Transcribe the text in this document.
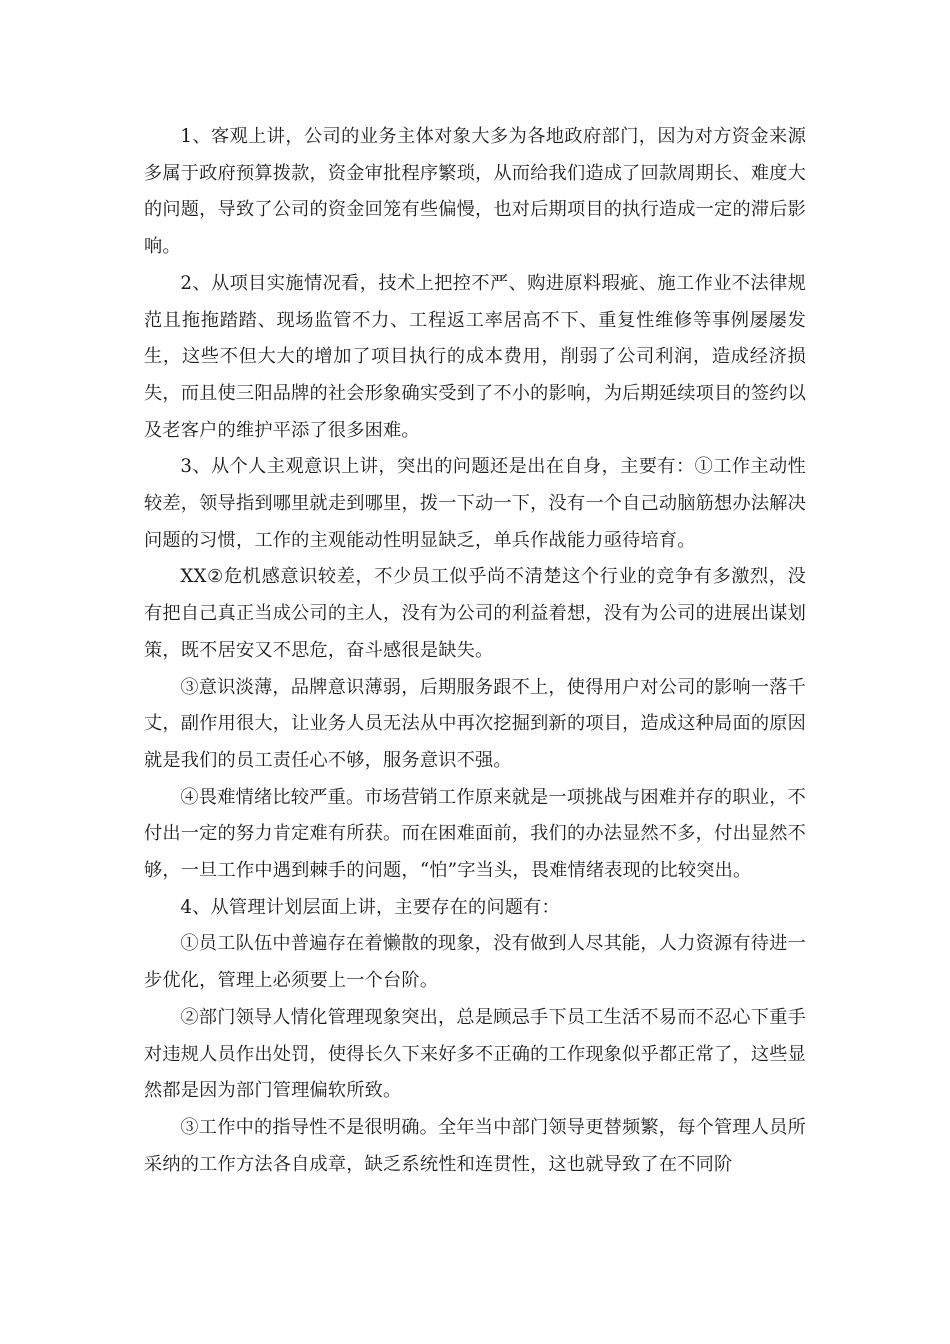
1、客观上讲，公司的业务主体对象大多为各地政府部门，因为对方资金来源多属于政府预算拨款，资金审批程序繁琐，从而给我们造成了回款周期长、难度大的问题，导致了公司的资金回笼有些偏慢，也对后期项目的执行造成一定的滞后影响。

2、从项目实施情况看，技术上把控不严、购进原料瑕疵、施工作业不法律规范且拖拖踏踏、现场监管不力、工程返工率居高不下、重复性维修等事例屡屡发生，这些不但大大的增加了项目执行的成本费用，削弱了公司利润，造成经济损失，而且使三阳品牌的社会形象确实受到了不小的影响，为后期延续项目的签约以及老客户的维护平添了很多困难。

3、从个人主观意识上讲，突出的问题还是出在自身，主要有：①工作主动性较差，领导指到哪里就走到哪里，拨一下动一下，没有一个自己动脑筋想办法解决问题的习惯，工作的主观能动性明显缺乏，单兵作战能力亟待培育。

XX②危机感意识较差，不少员工似乎尚不清楚这个行业的竞争有多激烈，没有把自己真正当成公司的主人，没有为公司的利益着想，没有为公司的进展出谋划策，既不居安又不思危，奋斗感很是缺失。

③意识淡薄，品牌意识薄弱，后期服务跟不上，使得用户对公司的影响一落千丈，副作用很大，让业务人员无法从中再次挖掘到新的项目，造成这种局面的原因就是我们的员工责任心不够，服务意识不强。

④畏难情绪比较严重。市场营销工作原来就是一项挑战与困难并存的职业，不付出一定的努力肯定难有所获。而在困难面前，我们的办法显然不多，付出显然不够，一旦工作中遇到棘手的问题，“怕”字当头，畏难情绪表现的比较突出。

4、从管理计划层面上讲，主要存在的问题有：

①员工队伍中普遍存在着懒散的现象，没有做到人尽其能，人力资源有待进一步优化，管理上必须要上一个台阶。

②部门领导人情化管理现象突出，总是顾忌手下员工生活不易而不忍心下重手对违规人员作出处罚，使得长久下来好多不正确的工作现象似乎都正常了，这些显然都是因为部门管理偏软所致。

③工作中的指导性不是很明确。全年当中部门领导更替频繁，每个管理人员所采纳的工作方法各自成章，缺乏系统性和连贯性，这也就导致了在不同阶
